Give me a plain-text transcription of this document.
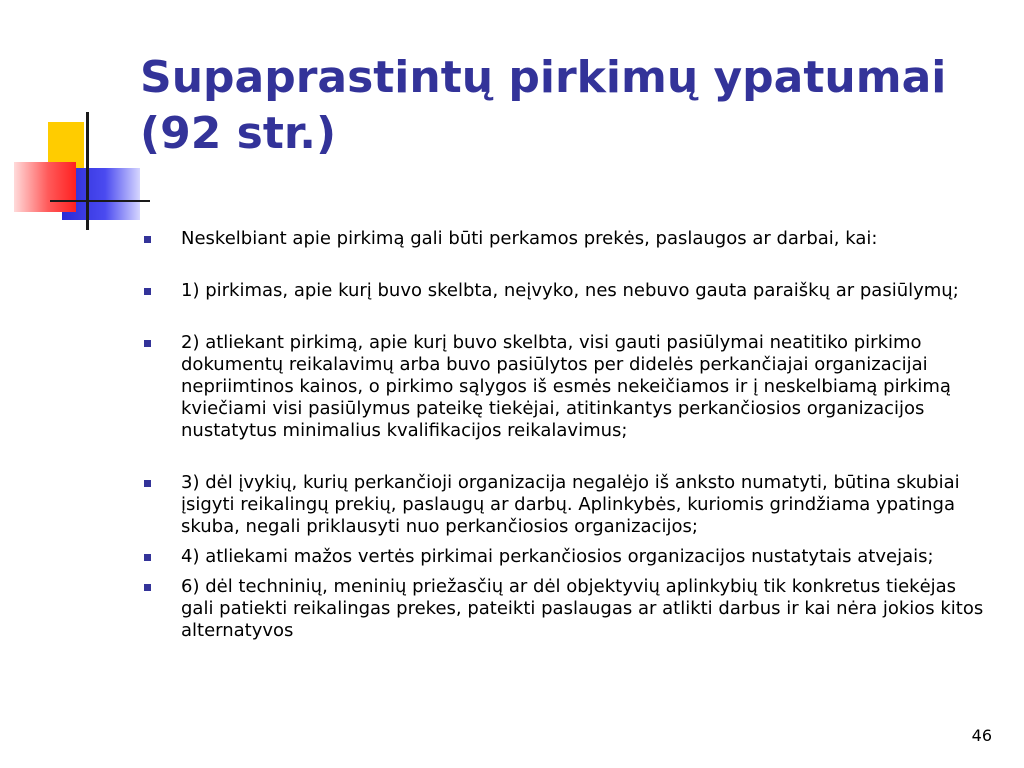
Supaprastintų pirkimų ypatumai
(92 str.)
Neskelbiant apie pirkimą gali būti perkamos prekės, paslaugos ar darbai, kai:
1) pirkimas, apie kurį buvo skelbta, neįvyko, nes nebuvo gauta paraiškų ar pasiūlymų;
2) atliekant pirkimą, apie kurį buvo skelbta, visi gauti pasiūlymai neatitiko pirkimo dokumentų reikalavimų arba buvo pasiūlytos per didelės perkančiajai organizacijai nepriimtinos kainos, o pirkimo sąlygos iš esmės nekeičiamos ir į neskelbiamą pirkimą kviečiami visi pasiūlymus pateikę tiekėjai, atitinkantys perkančiosios organizacijos nustatytus minimalius kvalifikacijos reikalavimus;
3) dėl įvykių, kurių perkančioji organizacija negalėjo iš anksto numatyti, būtina skubiai įsigyti reikalingų prekių, paslaugų ar darbų. Aplinkybės, kuriomis grindžiama ypatinga skuba, negali priklausyti nuo perkančiosios organizacijos;
4) atliekami mažos vertės pirkimai perkančiosios organizacijos nustatytais atvejais;
6) dėl techninių, meninių priežasčių ar dėl objektyvių aplinkybių tik konkretus tiekėjas gali patiekti reikalingas prekes, pateikti paslaugas ar atlikti darbus ir kai nėra jokios kitos alternatyvos
46
